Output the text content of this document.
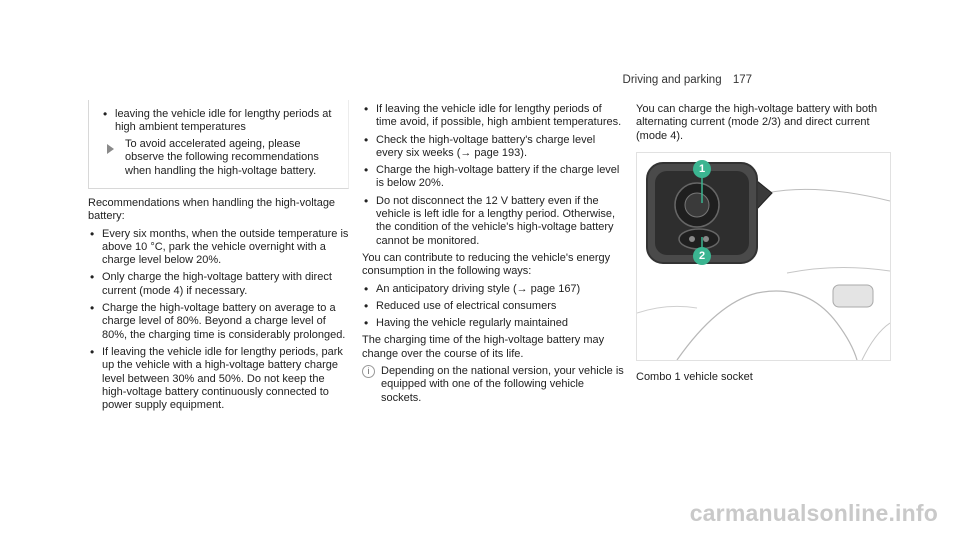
Driving and parking 177
• leaving the vehicle idle for lengthy periods at high ambient temperatures
To avoid accelerated ageing, please observe the following recommendations when handling the high-voltage battery.

Recommendations when handling the high-voltage battery:

• Every six months, when the outside temperature is above 10 °C, park the vehicle overnight with a charge level below 20%.
• Only charge the high-voltage battery with direct current (mode 4) if necessary.
• Charge the high-voltage battery on average to a charge level of 80%. Beyond a charge level of 80%, the charging time is considerably prolonged.
• If leaving the vehicle idle for lengthy periods, park up the vehicle with a high-voltage battery charge level between 30% and 50%. Do not keep the high-voltage battery continuously connected to power supply equipment.
• If leaving the vehicle idle for lengthy periods of time avoid, if possible, high ambient temperatures.
• Check the high-voltage battery's charge level every six weeks (→ page 193).
• Charge the high-voltage battery if the charge level is below 20%.
• Do not disconnect the 12 V battery even if the vehicle is left idle for a lengthy period. Otherwise, the condition of the vehicle's high-voltage battery cannot be monitored.

You can contribute to reducing the vehicle's energy consumption in the following ways:

• An anticipatory driving style (→ page 167)
• Reduced use of electrical consumers
• Having the vehicle regularly maintained

The charging time of the high-voltage battery may change over the course of its life.

i	Depending on the national version, your vehicle is equipped with one of the following vehicle sockets.
You can charge the high-voltage battery with both alternating current (mode 2/3) and direct current (mode 4).
1
2
Combo 1 vehicle socket
carmanualsonline.info
